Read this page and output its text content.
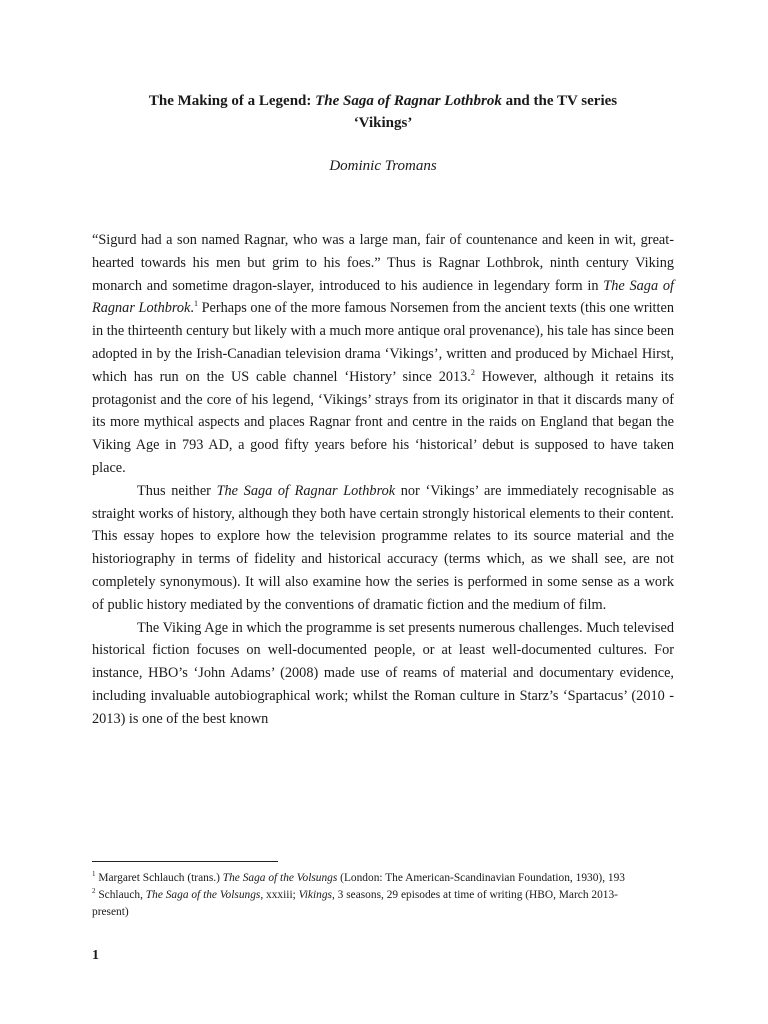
The Making of a Legend: The Saga of Ragnar Lothbrok and the TV series
‘Vikings’
Dominic Tromans

“Sigurd had a son named Ragnar, who was a large man, fair of countenance and keen in wit, great-hearted towards his men but grim to his foes.” Thus is Ragnar Lothbrok, ninth century Viking monarch and sometime dragon-slayer, introduced to his audience in legendary form in The Saga of Ragnar Lothbrok.$^1$ Perhaps one of the more famous Norsemen from the ancient texts (this one written in the thirteenth century but likely with a much more antique oral provenance), his tale has since been adopted in by the Irish-Canadian television drama ‘Vikings’, written and produced by Michael Hirst, which has run on the US cable channel ‘History’ since 2013.$^2$ However, although it retains its protagonist and the core of his legend, ‘Vikings’ strays from its originator in that it discards many of its more mythical aspects and places Ragnar front and centre in the raids on England that began the Viking Age in 793 AD, a good fifty years before his ‘historical’ debut is supposed to have taken place.

Thus neither The Saga of Ragnar Lothbrok nor ‘Vikings’ are immediately recognisable as straight works of history, although they both have certain strongly historical elements to their content. This essay hopes to explore how the television programme relates to its source material and the historiography in terms of fidelity and historical accuracy (terms which, as we shall see, are not completely synonymous). It will also examine how the series is performed in some sense as a work of public history mediated by the conventions of dramatic fiction and the medium of film.

The Viking Age in which the programme is set presents numerous challenges. Much televised historical fiction focuses on well-documented people, or at least well-documented cultures. For instance, HBO’s ‘John Adams’ (2008) made use of reams of material and documentary evidence, including invaluable autobiographical work; whilst the Roman culture in Starz’s ‘Spartacus’ (2010 - 2013) is one of the best known

$^1$ Margaret Schlauch (trans.) The Saga of the Volsungs (London: The American-Scandinavian Foundation, 1930), 193

$^2$ Schlauch, The Saga of the Volsungs, xxxiii; Vikings, 3 seasons, 29 episodes at time of writing (HBO, March 2013-present)

1
